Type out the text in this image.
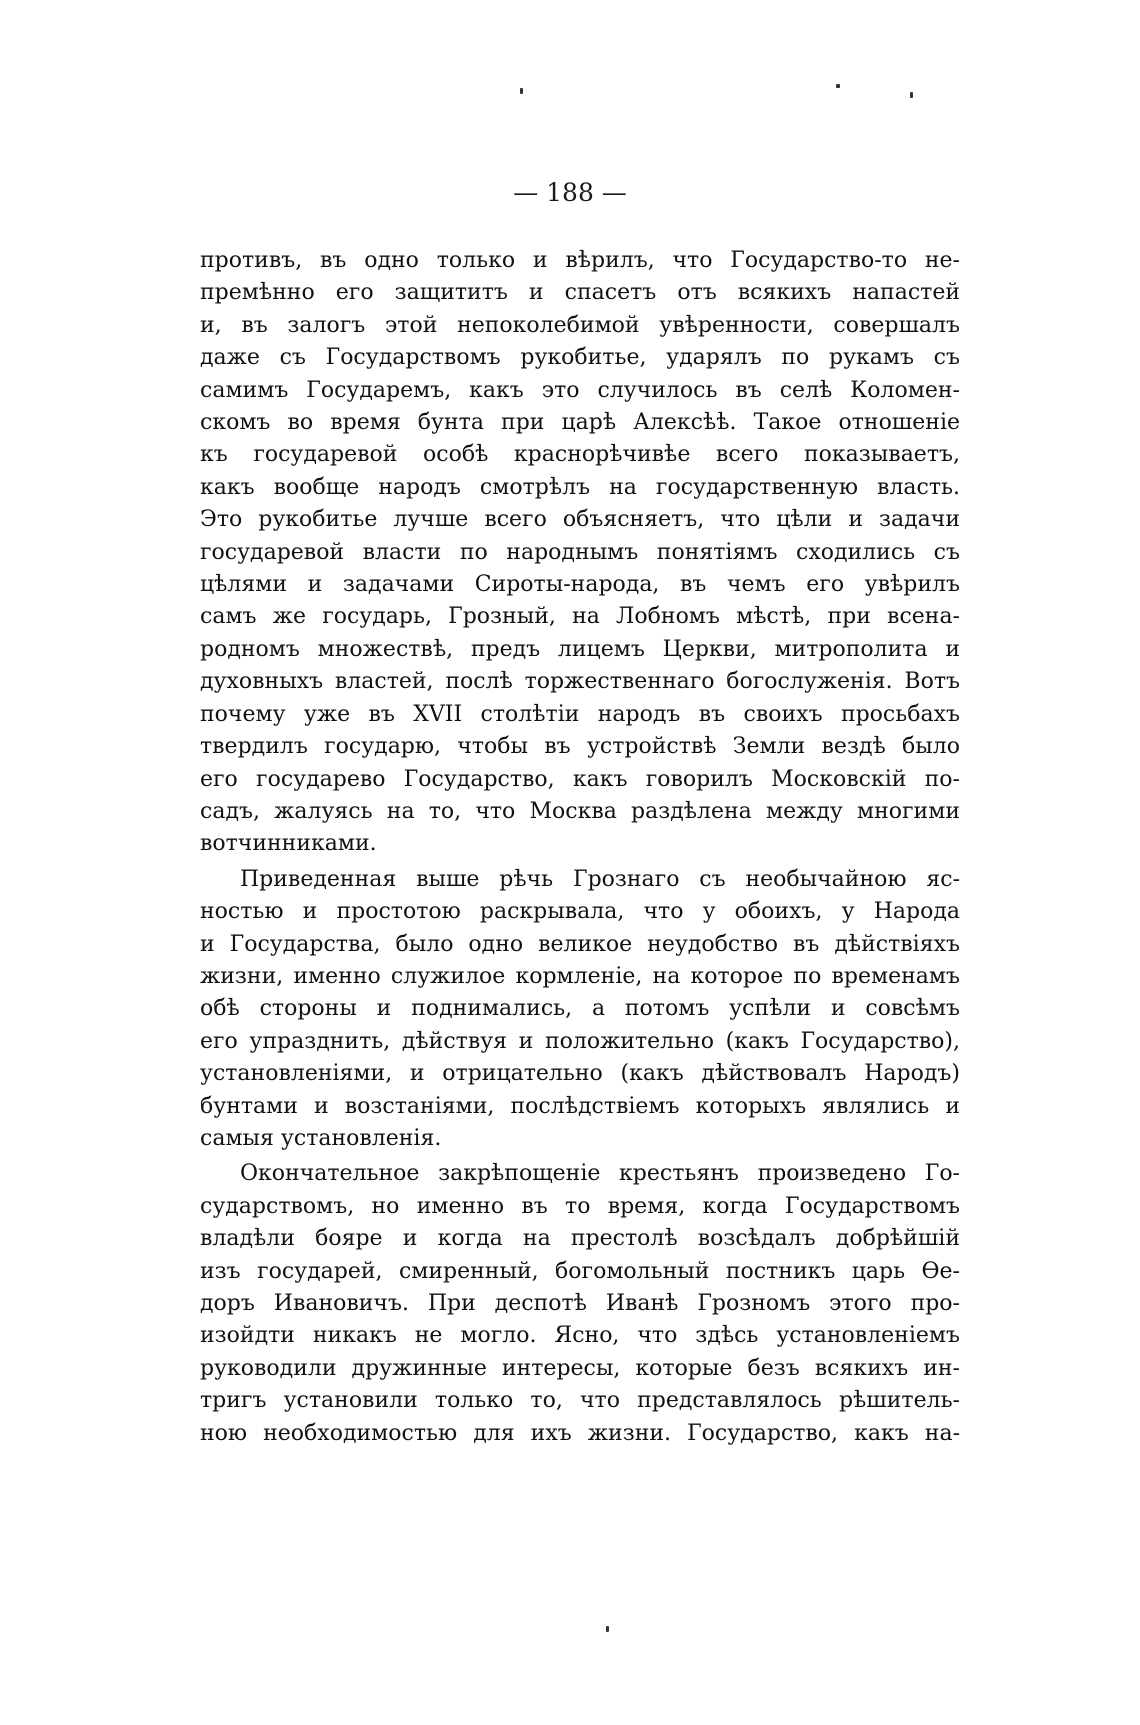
— 188 —
противъ, въ одно только и вѣрилъ, что Государство-то не-
премѣнно его защититъ и спасетъ отъ всякихъ напастей
и, въ залогъ этой непоколебимой увѣренности, совершалъ
даже съ Государствомъ рукобитье, ударялъ по рукамъ съ
самимъ Государемъ, какъ это случилось въ селѣ Коломен-
скомъ во время бунта при царѣ Алексѣѣ. Такое отношеніе
къ государевой особѣ краснорѣчивѣе всего показываетъ,
какъ вообще народъ смотрѣлъ на государственную власть.
Это рукобитье лучше всего объясняетъ, что цѣли и задачи
государевой власти по народнымъ понятіямъ сходились съ
цѣлями и задачами Сироты-народа, въ чемъ его увѣрилъ
самъ же государь, Грозный, на Лобномъ мѣстѣ, при всена-
родномъ множествѣ, предъ лицемъ Церкви, митрополита и
духовныхъ властей, послѣ торжественнаго богослуженія. Вотъ
почему уже въ XVII столѣтіи народъ въ своихъ просьбахъ
твердилъ государю, чтобы въ устройствѣ Земли вездѣ было
его государево Государство, какъ говорилъ Московскій по-
садъ, жалуясь на то, что Москва раздѣлена между многими
вотчинниками.
Приведенная выше рѣчь Грознаго съ необычайною яс-
ностью и простотою раскрывала, что у обоихъ, у Народа
и Государства, было одно великое неудобство въ дѣйствіяхъ
жизни, именно служилое кормленіе, на которое по временамъ
обѣ стороны и поднимались, а потомъ успѣли и совсѣмъ
его упразднить, дѣйствуя и положительно (какъ Государство),
установленіями, и отрицательно (какъ дѣйствовалъ Народъ)
бунтами и возстаніями, послѣдствіемъ которыхъ являлись и
самыя установленія.
Окончательное закрѣпощеніе крестьянъ произведено Го-
сударствомъ, но именно въ то время, когда Государствомъ
владѣли бояре и когда на престолѣ возсѣдалъ добрѣйшій
изъ государей, смиренный, богомольный постникъ царь Ѳе-
доръ Ивановичъ. При деспотѣ Иванѣ Грозномъ этого про-
изойдти никакъ не могло. Ясно, что здѣсь установленіемъ
руководили дружинные интересы, которые безъ всякихъ ин-
тригъ установили только то, что представлялось рѣшитель-
ною необходимостью для ихъ жизни. Государство, какъ на-
